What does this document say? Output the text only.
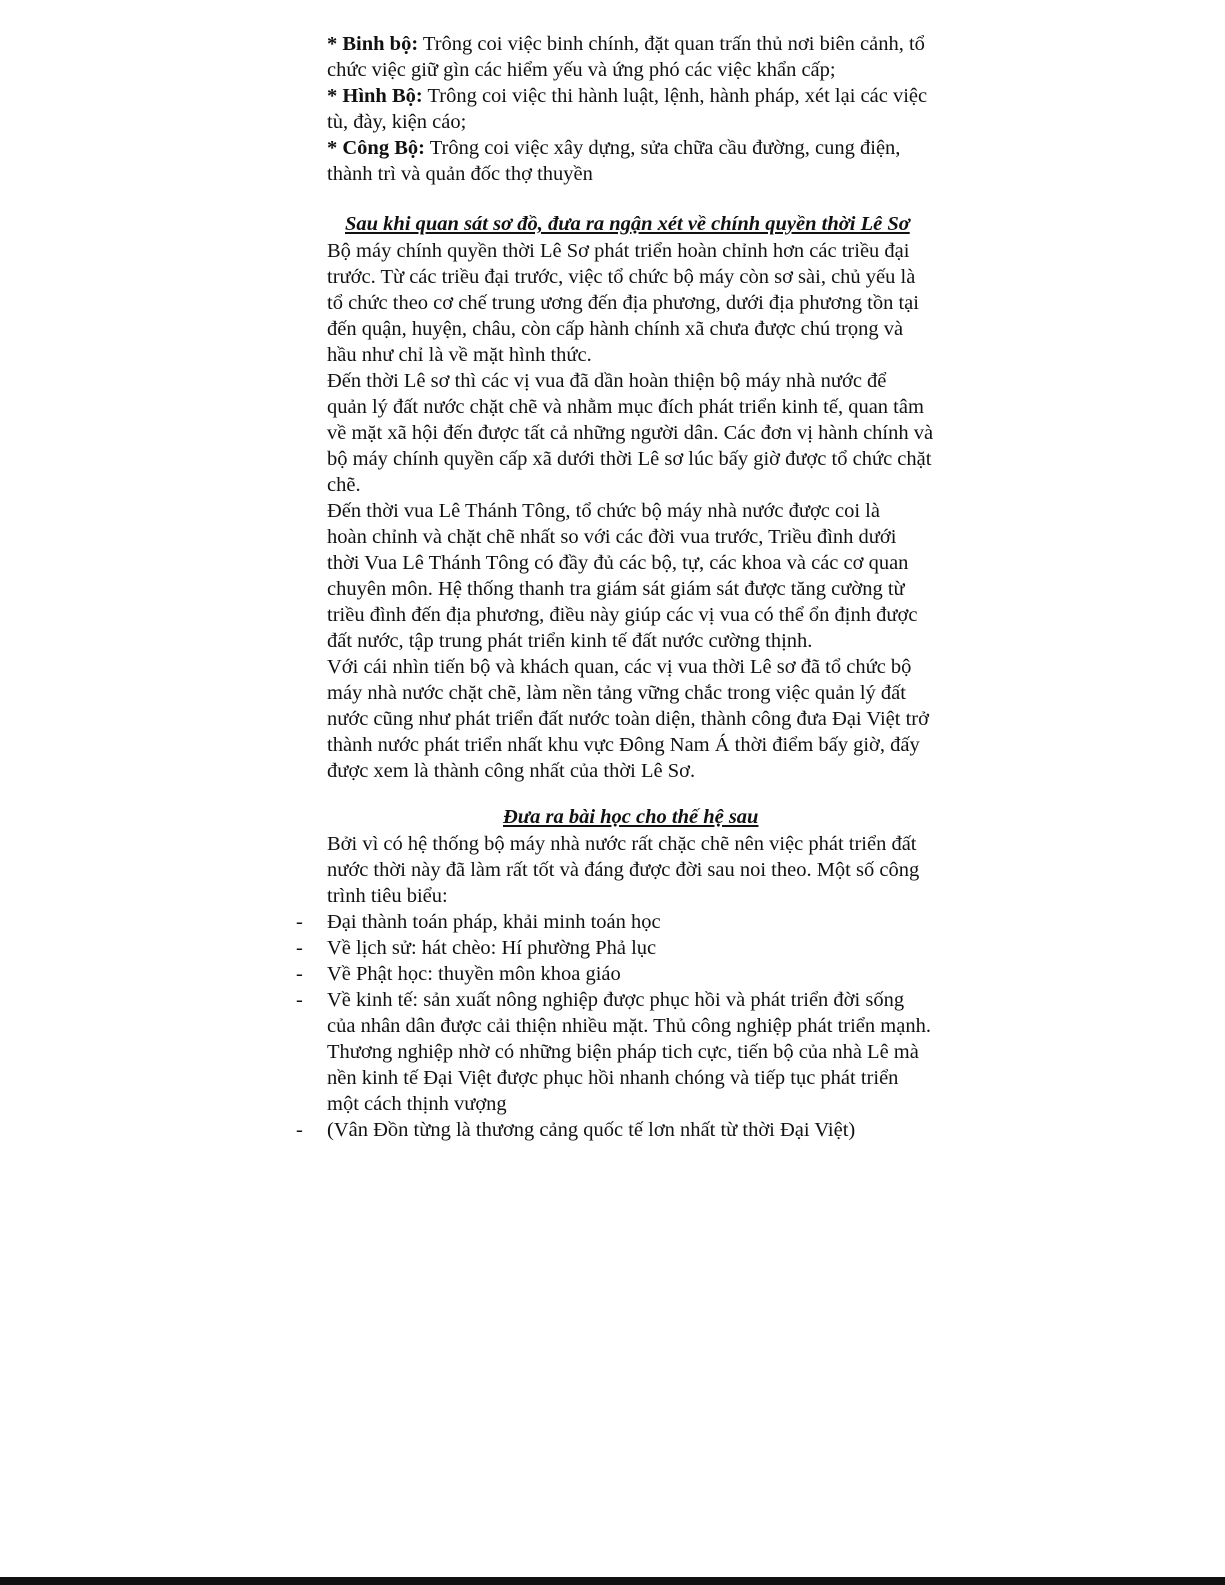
* Binh bộ: Trông coi việc binh chính, đặt quan trấn thủ nơi biên cảnh, tổ
chức việc giữ gìn các hiểm yếu và ứng phó các việc khẩn cấp;
* Hình Bộ: Trông coi việc thi hành luật, lệnh, hành pháp, xét lại các việc
tù, đày, kiện cáo;
* Công Bộ: Trông coi việc xây dựng, sửa chữa cầu đường, cung điện,
thành trì và quản đốc thợ thuyền
Sau khi quan sát sơ đồ, đưa ra ngận xét về chính quyền thời Lê Sơ
Bộ máy chính quyền thời Lê Sơ phát triển hoàn chỉnh hơn các triều đại
trước. Từ các triều đại trước, việc tổ chức bộ máy còn sơ sài, chủ yếu là
tổ chức theo cơ chế trung ương đến địa phương, dưới địa phương tồn tại
đến quận, huyện, châu, còn cấp hành chính xã chưa được chú trọng và
hầu như chỉ là về mặt hình thức.
Đến thời Lê sơ thì các vị vua đã dần hoàn thiện bộ máy nhà nước để
quản lý đất nước chặt chẽ và nhằm mục đích phát triển kinh tế, quan tâm
về mặt xã hội đến được tất cả những người dân. Các đơn vị hành chính và
bộ máy chính quyền cấp xã dưới thời Lê sơ lúc bấy giờ được tổ chức chặt
chẽ.
Đến thời vua Lê Thánh Tông, tổ chức bộ máy nhà nước được coi là
hoàn chỉnh và chặt chẽ nhất so với các đời vua trước, Triều đình dưới
thời Vua Lê Thánh Tông có đầy đủ các bộ, tự, các khoa và các cơ quan
chuyên môn. Hệ thống thanh tra giám sát giám sát được tăng cường từ
triều đình đến địa phương, điều này giúp các vị vua có thể ổn định được
đất nước, tập trung phát triển kinh tế đất nước cường thịnh.
Với cái nhìn tiến bộ và khách quan, các vị vua thời Lê sơ đã tổ chức bộ
máy nhà nước chặt chẽ, làm nền tảng vững chắc trong việc quản lý đất
nước cũng như phát triển đất nước toàn diện, thành công đưa Đại Việt trở
thành nước phát triển nhất khu vực Đông Nam Á thời điểm bấy giờ, đấy
được xem là thành công nhất của thời Lê Sơ.
Đưa ra bài học cho thế hệ sau
Bởi vì có hệ thống bộ máy nhà nước rất chặc chẽ nên việc phát triển đất
nước thời này đã làm rất tốt và đáng được đời sau noi theo. Một số công
trình tiêu biểu:
- Đại thành toán pháp, khải minh toán học
- Về lịch sử: hát chèo: Hí phường Phả lục
- Về Phật học: thuyền môn khoa giáo
- Về kinh tế: sản xuất nông nghiệp được phục hồi và phát triển đời sống
của nhân dân được cải thiện nhiều mặt. Thủ công nghiệp phát triển mạnh.
Thương nghiệp nhờ có những biện pháp tich cực, tiến bộ của nhà Lê mà
nền kinh tế Đại Việt được phục hồi nhanh chóng và tiếp tục phát triển
một cách thịnh vượng
- (Vân Đồn từng là thương cảng quốc tế lơn nhất từ thời Đại Việt)
